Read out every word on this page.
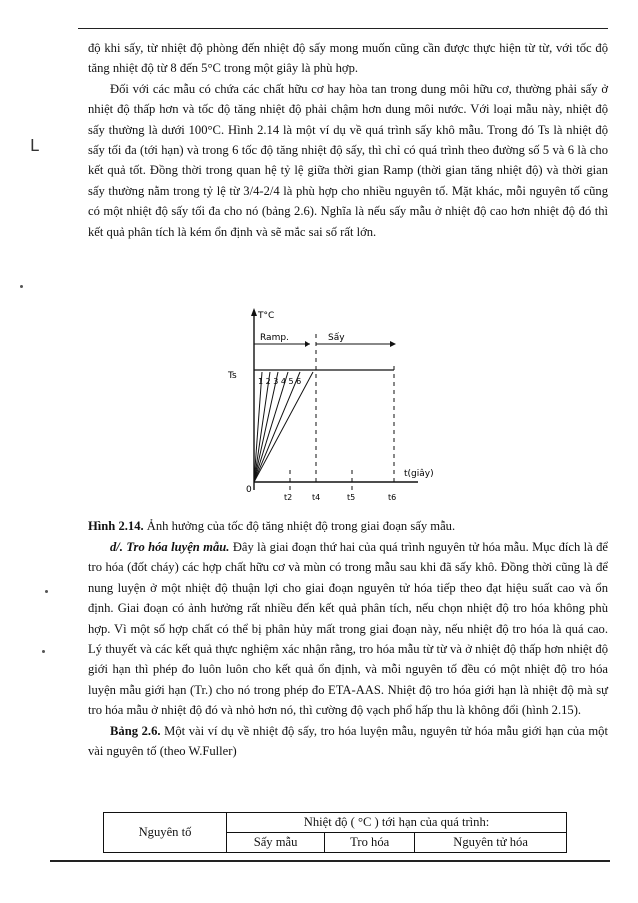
độ khi sấy, từ nhiệt độ phòng đến nhiệt độ sấy mong muốn cũng cần được thực hiện từ từ, với tốc độ tăng nhiệt độ từ 8 đến 5°C trong một giây là phù hợp.

Đối với các mẫu có chứa các chất hữu cơ hay hòa tan trong dung môi hữu cơ, thường phải sấy ở nhiệt độ thấp hơn và tốc độ tăng nhiệt độ phải chậm hơn dung môi nước. Với loại mẫu này, nhiệt độ sấy thường là dưới 100°C. Hình 2.14 là một ví dụ về quá trình sấy khô mẫu. Trong đó Ts là nhiệt độ sấy tối đa (tới hạn) và trong 6 tốc độ tăng nhiệt độ sấy, thì chỉ có quá trình theo đường số 5 và 6 là cho kết quả tốt. Đồng thời trong quan hệ tỷ lệ giữa thời gian Ramp (thời gian tăng nhiệt độ) và thời gian sấy thường nằm trong tỷ lệ từ 3/4-2/4 là phù hợp cho nhiều nguyên tố. Mặt khác, mỗi nguyên tố cũng có một nhiệt độ sấy tối đa cho nó (bảng 2.6). Nghĩa là nếu sấy mẫu ở nhiệt độ cao hơn nhiệt độ đó thì kết quả phân tích là kém ổn định và sẽ mắc sai số rất lớn.

ᒪ
T°C
Ramp.	Sấy
Ts
1 2 3 4 5 6
0
t(giây)
t2 t4	t5	t6
Hình 2.14. Ảnh hưởng của tốc độ tăng nhiệt độ trong giai đoạn sấy mẫu.

d/. Tro hóa luyện mẫu. Đây là giai đoạn thứ hai của quá trình nguyên tử hóa mẫu. Mục đích là để tro hóa (đốt cháy) các hợp chất hữu cơ và mùn có trong mẫu sau khi đã sấy khô. Đồng thời cũng là để nung luyện ở một nhiệt độ thuận lợi cho giai đoạn nguyên tử hóa tiếp theo đạt hiệu suất cao và ổn định. Giai đoạn có ảnh hưởng rất nhiều đến kết quả phân tích, nếu chọn nhiệt độ tro hóa không phù hợp. Vì một số hợp chất có thể bị phân hủy mất trong giai đoạn này, nếu nhiệt độ tro hóa là quá cao. Lý thuyết và các kết quả thực nghiệm xác nhận rằng, tro hóa mẫu từ từ và ở nhiệt độ thấp hơn nhiệt độ giới hạn thì phép đo luôn luôn cho kết quả ổn định, và mỗi nguyên tố đều có một nhiệt độ tro hóa luyện mẫu giới hạn (Tr.) cho nó trong phép đo ETA-AAS. Nhiệt độ tro hóa giới hạn là nhiệt độ mà sự tro hóa mẫu ở nhiệt độ đó và nhỏ hơn nó, thì cường độ vạch phổ hấp thu là không đổi (hình 2.15).

Bảng 2.6. Một vài ví dụ về nhiệt độ sấy, tro hóa luyện mẫu, nguyên tử hóa mẫu giới hạn của một vài nguyên tố (theo W.Fuller)

Nguyên tố	Nhiệt độ ( °C ) tới hạn của quá trình:		
	Sấy mẫu	Tro hóa	Nguyên tử hóa
